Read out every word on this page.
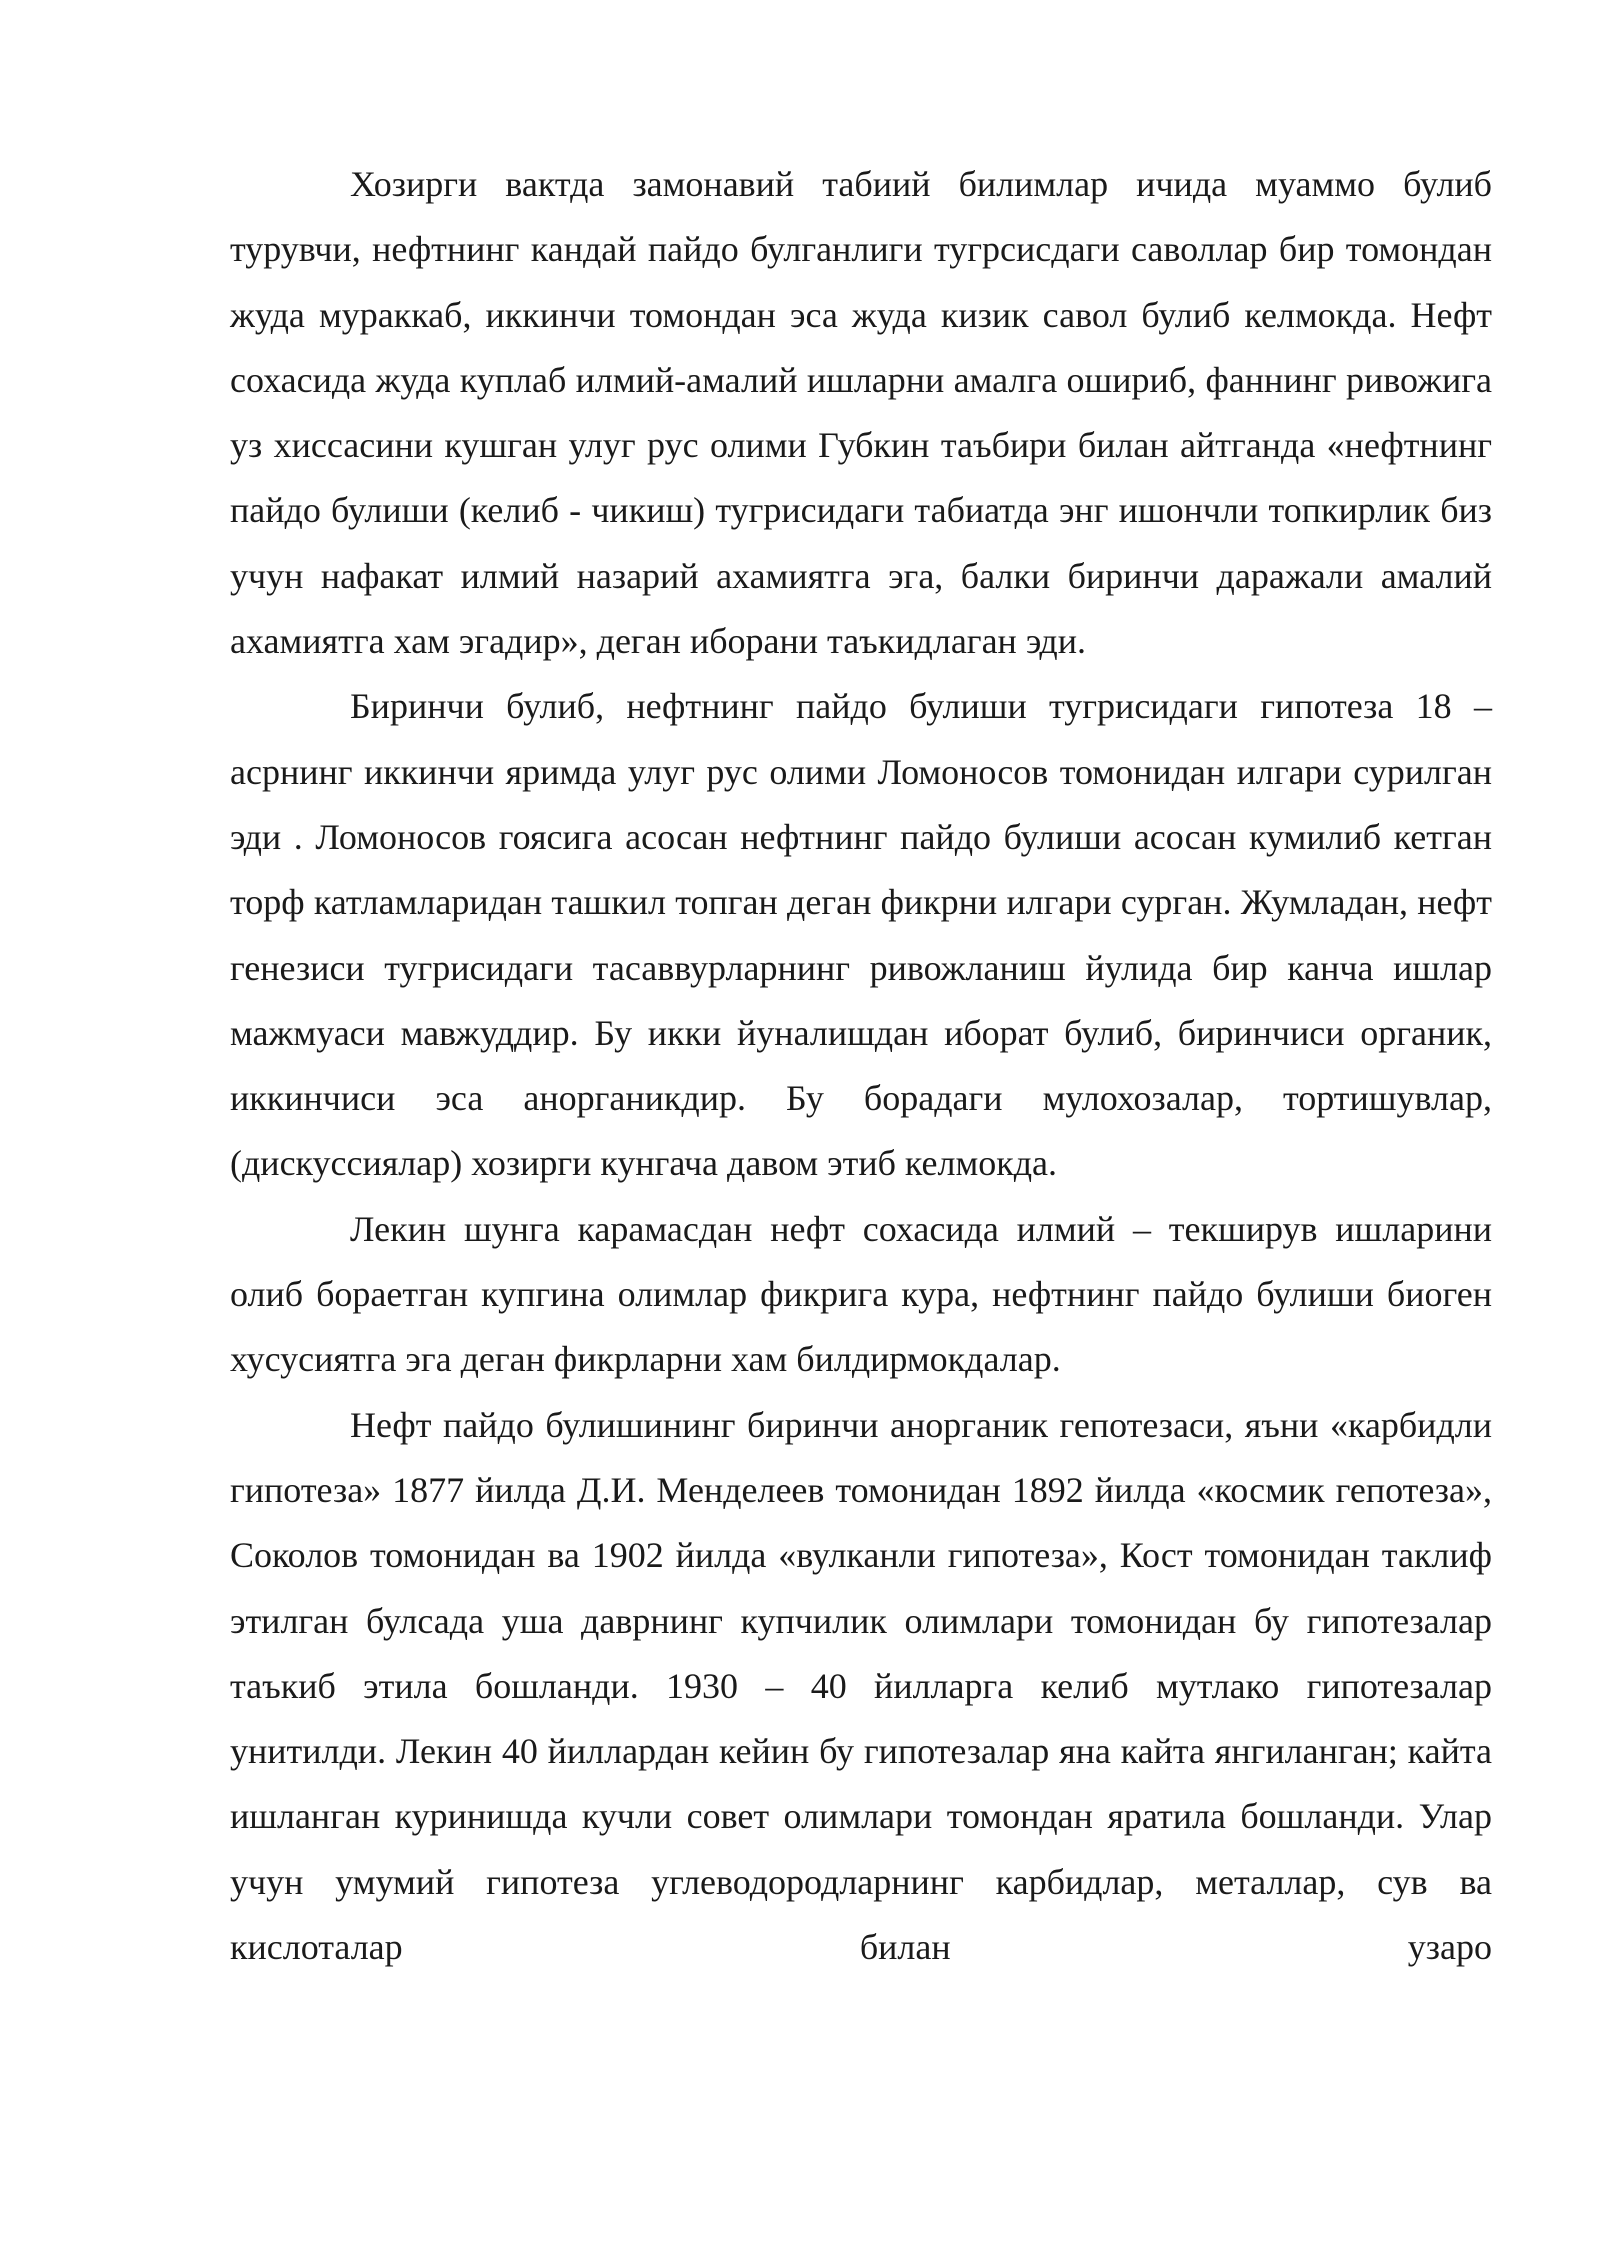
Хозирги вактда замонавий табиий билимлар ичида муаммо булиб турувчи, нефтнинг кандай пайдо булганлиги тугрсисдаги саволлар бир томондан жуда мураккаб, иккинчи томондан эса жуда кизик савол булиб келмокда. Нефт сохасида жуда куплаб илмий-амалий ишларни амалга ошириб, фаннинг ривожига уз хиссасини кушган улуг рус олими Губкин таъбири билан айтганда «нефтнинг пайдо булиши (келиб - чикиш) тугрисидаги табиатда энг ишончли топкирлик биз учун нафакат илмий назарий ахамиятга эга, балки биринчи даражали амалий ахамиятга хам эгадир», деган иборани таъкидлаган эди.

Биринчи булиб, нефтнинг пайдо булиши тугрисидаги гипотеза 18 – асрнинг иккинчи яримда улуг рус олими Ломоносов томонидан илгари сурилган эди . Ломоносов гоясига асосан нефтнинг пайдо булиши асосан кумилиб кетган торф катламларидан ташкил топган деган фикрни илгари сурган. Жумладан, нефт генезиси тугрисидаги тасаввурларнинг ривожланиш йулида бир канча ишлар мажмуаси мавжуддир. Бу икки йуналишдан иборат булиб, биринчиси органик, иккинчиси эса анорганикдир. Бу борадаги мулохозалар, тортишувлар, (дискуссиялар) хозирги кунгача давом этиб келмокда.

Лекин шунга карамасдан нефт сохасида илмий – текширув ишларини олиб бораетган купгина олимлар фикрига кура, нефтнинг пайдо булиши биоген хусусиятга эга деган фикрларни хам билдирмокдалар.

Нефт пайдо булишининг биринчи анорганик гепотезаси, яъни «карбидли гипотеза» 1877 йилда Д.И. Менделеев томонидан 1892 йилда «космик гепотеза», Соколов томонидан ва 1902 йилда «вулканли гипотеза», Кост томонидан таклиф этилган булсада уша даврнинг купчилик олимлари томонидан бу гипотезалар таъкиб этила бошланди. 1930 – 40 йилларга келиб мутлако гипотезалар унитилди. Лекин 40 йиллардан кейин бу гипотезалар яна кайта янгиланган; кайта ишланган куринишда кучли совет олимлари томондан яратила бошланди. Улар учун умумий гипотеза углеводородларнинг карбидлар, металлар, сув ва кислоталар билан узаро
